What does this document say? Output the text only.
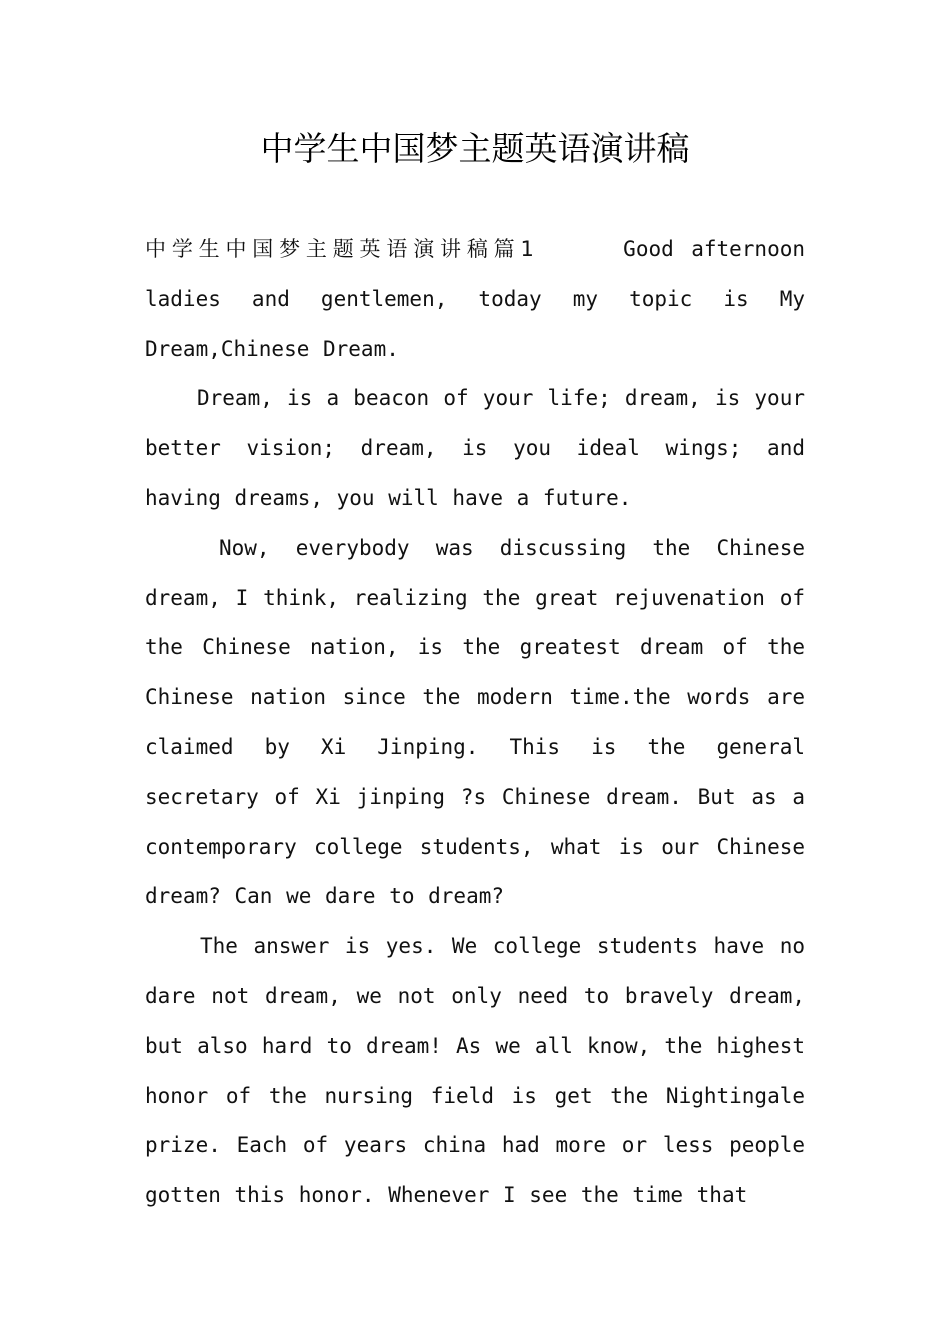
中学生中国梦主题英语演讲稿

中学生中国梦主题英语演讲稿篇1	Good afternoon ladies and gentlemen, today my topic is My Dream,Chinese Dream.

Dream, is a beacon of your life; dream, is your better vision; dream, is you ideal wings; and having dreams, you will have a future.

Now, everybody was discussing the Chinese dream, I think, realizing the great rejuvenation of the Chinese nation, is the greatest dream of the Chinese nation since the modern time.the words are claimed by Xi Jinping. This is the general secretary of Xi jinping ?s Chinese dream. But as a contemporary college students, what is our Chinese dream? Can we dare to dream?

The answer is yes. We college students have no dare not dream, we not only need to bravely dream, but also hard to dream! As we all know, the highest honor of the nursing field is get the Nightingale prize. Each of years china had more or less people gotten this honor. Whenever I see the time that
